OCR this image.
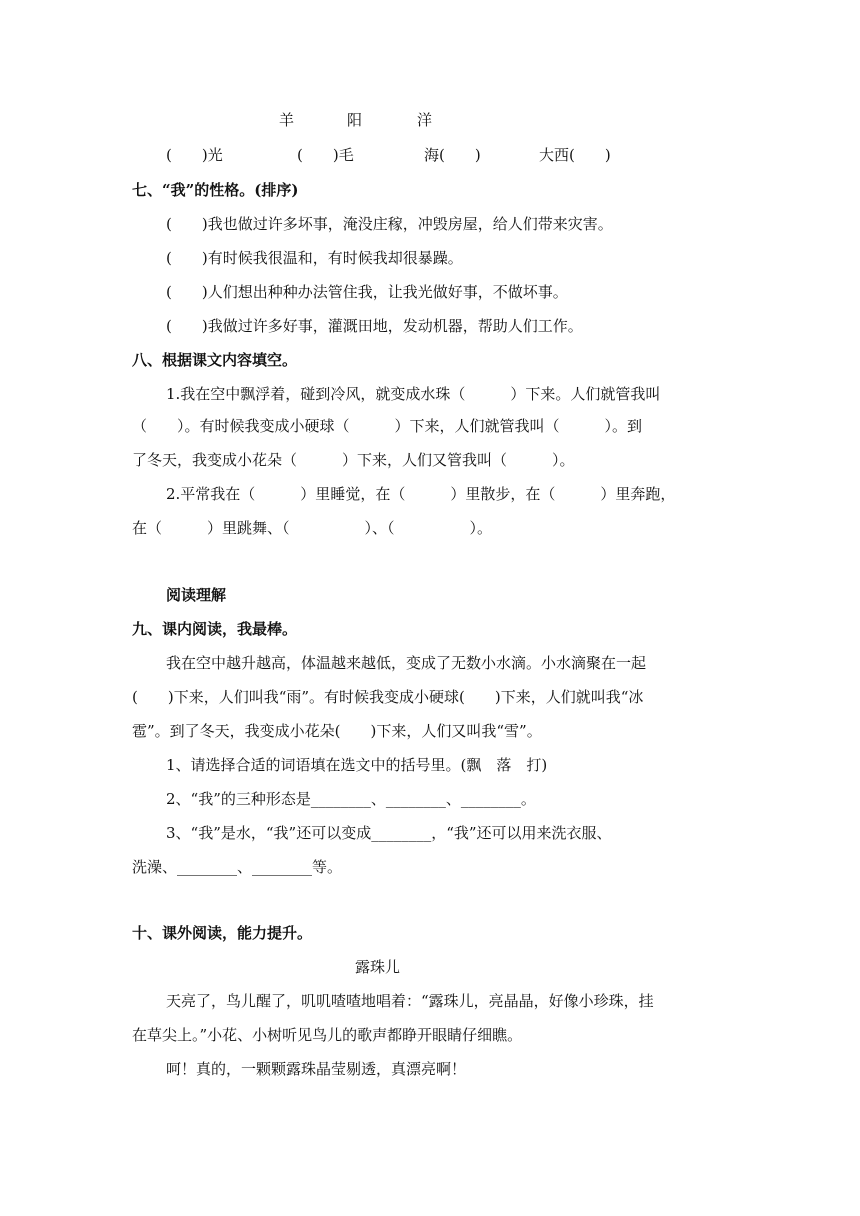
羊	阳	洋
(　　)光	(　　)毛	海(　　)	大西(　　)
七、“我”的性格。(排序)
(　　)我也做过许多坏事，淹没庄稼，冲毁房屋，给人们带来灾害。
(　　)有时候我很温和，有时候我却很暴躁。
(　　)人们想出种种办法管住我，让我光做好事，不做坏事。
(　　)我做过许多好事，灌溉田地，发动机器，帮助人们工作。
八、根据课文内容填空。
1.我在空中飘浮着，碰到冷风，就变成水珠（　　　）下来。人们就管我叫
（　　）。有时候我变成小硬球（　　　）下来，人们就管我叫（　　　）。到
了冬天，我变成小花朵（　　　）下来，人们又管我叫（　　　）。
2.平常我在（　　　）里睡觉，在（　　　）里散步，在（　　　）里奔跑，
在（　　　）里跳舞、（　　　　　）、（　　　　　）。
阅读理解
九、课内阅读，我最棒。
我在空中越升越高，体温越来越低，变成了无数小水滴。小水滴聚在一起
(　　)下来，人们叫我“雨”。有时候我变成小硬球(　　)下来，人们就叫我“冰
雹”。到了冬天，我变成小花朵(　　)下来，人们又叫我“雪”。
1、请选择合适的词语填在选文中的括号里。(飘　落　打)
2、“我”的三种形态是________、________、________。
3、“我”是水，“我”还可以变成________，“我”还可以用来洗衣服、
洗澡、________、________等。
十、课外阅读，能力提升。
露珠儿
天亮了，鸟儿醒了，叽叽喳喳地唱着：“露珠儿，亮晶晶，好像小珍珠，挂
在草尖上。”小花、小树听见鸟儿的歌声都睁开眼睛仔细瞧。
呵！真的，一颗颗露珠晶莹剔透，真漂亮啊！
